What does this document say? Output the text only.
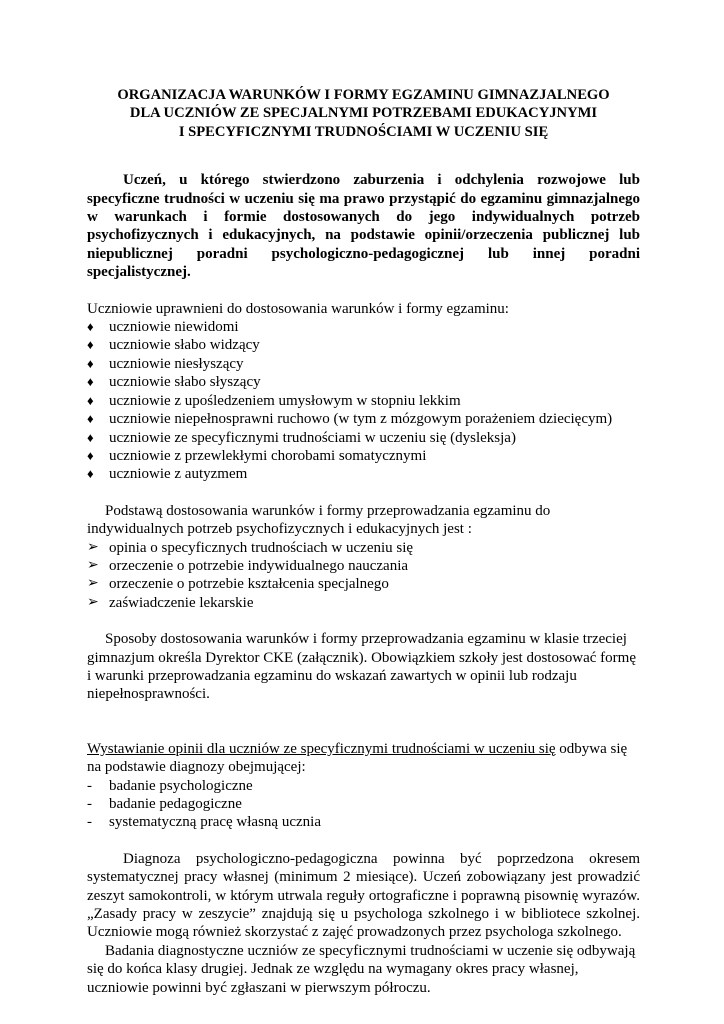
ORGANIZACJA WARUNKÓW I FORMY EGZAMINU GIMNAZJALNEGO
DLA UCZNIÓW ZE SPECJALNYMI POTRZEBAMI EDUKACYJNYMI
I SPECYFICZNYMI TRUDNOŚCIAMI W UCZENIU SIĘ

Uczeń, u którego stwierdzono zaburzenia i odchylenia rozwojowe lub specyficzne trudności w uczeniu się ma prawo przystąpić do egzaminu gimnazjalnego w warunkach i formie dostosowanych do jego indywidualnych potrzeb psychofizycznych i edukacyjnych, na podstawie opinii/orzeczenia publicznej lub niepublicznej poradni psychologiczno-pedagogicznej lub innej poradni specjalistycznej.

Uczniowie uprawnieni do dostosowania warunków i formy egzaminu:

♦	uczniowie niewidomi
♦	uczniowie słabo widzący
♦	uczniowie niesłyszący
♦	uczniowie słabo słyszący
♦	uczniowie z upośledzeniem umysłowym w stopniu lekkim
♦	uczniowie niepełnosprawni ruchowo (w tym z mózgowym porażeniem dziecięcym)
♦	uczniowie ze specyficznymi trudnościami w uczeniu się (dysleksja)
♦	uczniowie z przewlekłymi chorobami somatycznymi
♦	uczniowie z autyzmem

Podstawą dostosowania warunków i formy przeprowadzania egzaminu do indywidualnych potrzeb psychofizycznych i edukacyjnych jest :

➢ opinia o specyficznych trudnościach w uczeniu się
➢ orzeczenie o potrzebie indywidualnego nauczania
➢ orzeczenie o potrzebie kształcenia specjalnego
➢ zaświadczenie lekarskie

Sposoby dostosowania warunków i formy przeprowadzania egzaminu w klasie trzeciej gimnazjum określa Dyrektor CKE (załącznik). Obowiązkiem szkoły jest dostosować formę i warunki przeprowadzania egzaminu do wskazań zawartych w opinii lub rodzaju niepełnosprawności.

Wystawianie opinii dla uczniów ze specyficznymi trudnościami w uczeniu się odbywa się na podstawie diagnozy obejmującej:

-	badanie psychologiczne
-	badanie pedagogiczne
-	systematyczną pracę własną ucznia

Diagnoza psychologiczno-pedagogiczna powinna być poprzedzona okresem systematycznej pracy własnej (minimum 2 miesiące). Uczeń zobowiązany jest prowadzić zeszyt samokontroli, w którym utrwala reguły ortograficzne i poprawną pisownię wyrazów. „Zasady pracy w zeszycie” znajdują się u psychologa szkolnego i w bibliotece szkolnej. Uczniowie mogą również skorzystać z zajęć prowadzonych przez psychologa szkolnego.

Badania diagnostyczne uczniów ze specyficznymi trudnościami w uczenie się odbywają się do końca klasy drugiej. Jednak ze względu na wymagany okres pracy własnej, uczniowie powinni być zgłaszani w pierwszym półroczu.
